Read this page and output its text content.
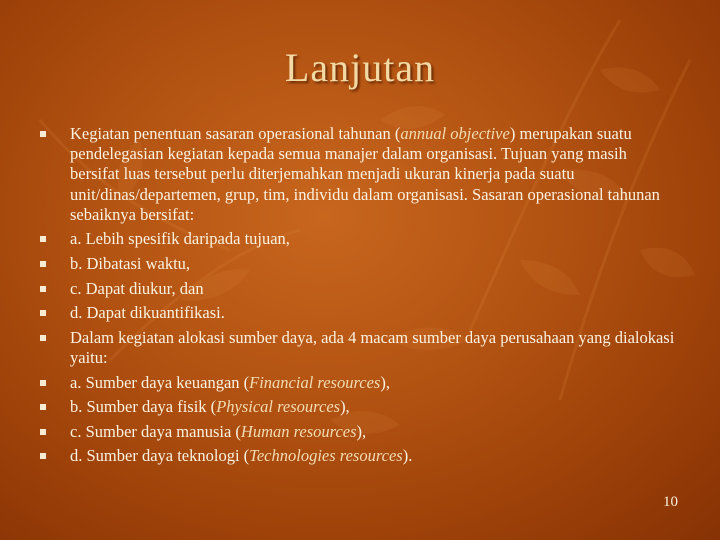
Lanjutan
Kegiatan penentuan sasaran operasional tahunan (annual objective) merupakan suatu pendelegasian kegiatan kepada semua manajer dalam organisasi. Tujuan yang masih bersifat luas tersebut perlu diterjemahkan menjadi ukuran kinerja pada suatu unit/dinas/departemen, grup, tim, individu dalam organisasi. Sasaran operasional tahunan sebaiknya bersifat:
a. Lebih spesifik daripada tujuan,
b. Dibatasi waktu,
c. Dapat diukur, dan
d. Dapat dikuantifikasi.
Dalam kegiatan alokasi sumber daya, ada 4 macam sumber daya perusahaan yang dialokasi yaitu:
a. Sumber daya keuangan (Financial resources),
b. Sumber daya fisik (Physical resources),
c. Sumber daya manusia (Human resources),
d. Sumber daya teknologi (Technologies resources).
10
